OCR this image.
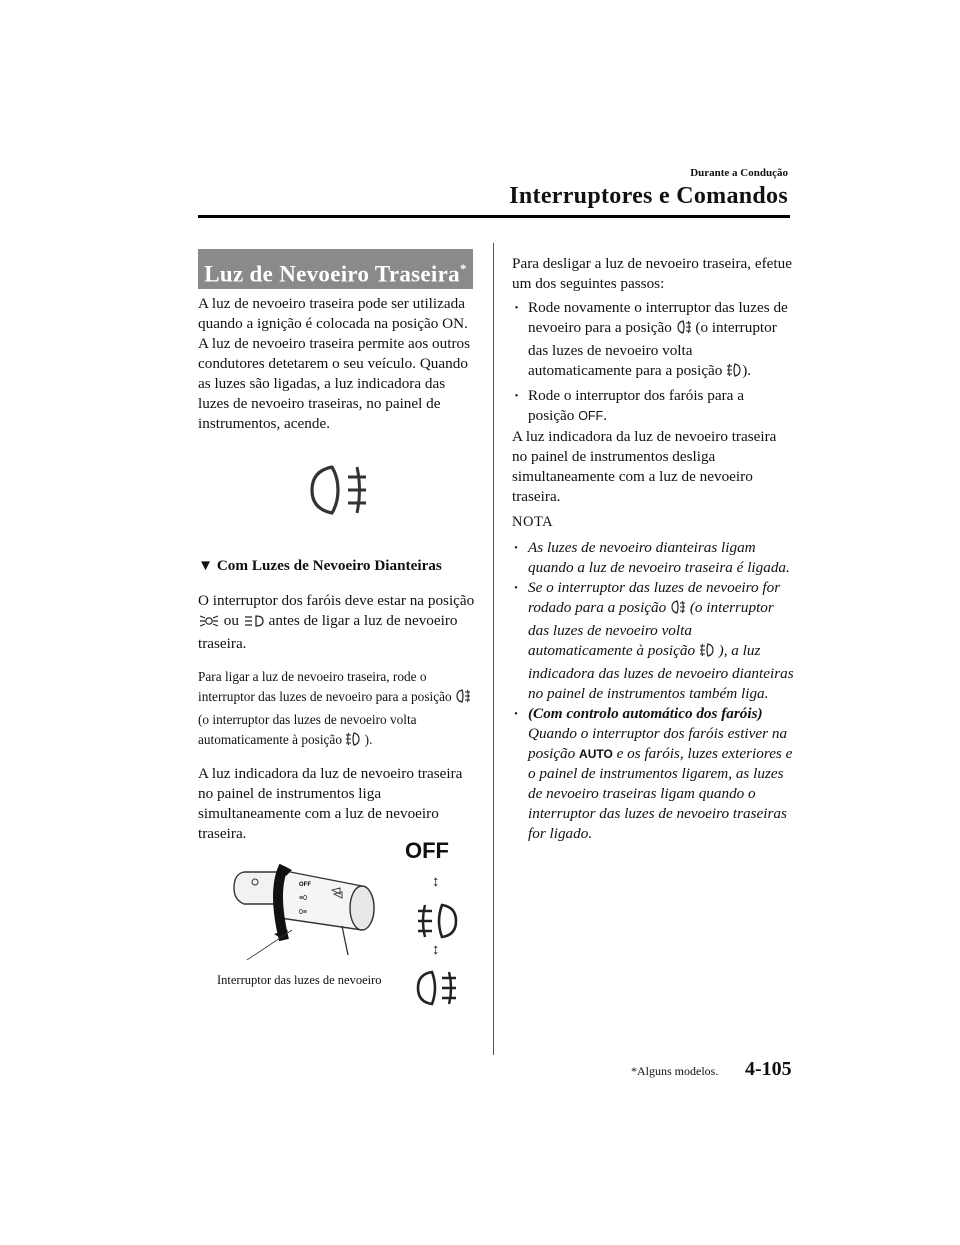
Durante a Condução
Interruptores e Comandos
Luz de Nevoeiro Traseira*
A luz de nevoeiro traseira pode ser utilizada quando a ignição é colocada na posição ON.
A luz de nevoeiro traseira permite aos outros condutores detetarem o seu veículo. Quando as luzes são ligadas, a luz indicadora das luzes de nevoeiro traseiras, no painel de instrumentos, acende.
▼ Com Luzes de Nevoeiro Dianteiras
O interruptor dos faróis deve estar na posição  ou antes de ligar a luz de nevoeiro traseira.
Para ligar a luz de nevoeiro traseira, rode o interruptor das luzes de nevoeiro para a posição  (o interruptor das luzes de nevoeiro volta automaticamente à posição ).
A luz indicadora da luz de nevoeiro traseira no painel de instrumentos liga simultaneamente com a luz de nevoeiro traseira.
OFF
≡0
0≡
Interruptor das luzes de nevoeiro
OFF
↕
↕
Para desligar a luz de nevoeiro traseira, efetue um dos seguintes passos:
· Rode novamente o interruptor das luzes de nevoeiro para a posição (o interruptor das luzes de nevoeiro volta automaticamente para a posição ).
· Rode o interruptor dos faróis para a posição OFF.
A luz indicadora da luz de nevoeiro traseira no painel de instrumentos desliga simultaneamente com a luz de nevoeiro traseira.
NOTA
· As luzes de nevoeiro dianteiras ligam quando a luz de nevoeiro traseira é ligada.
· Se o interruptor das luzes de nevoeiro for rodado para a posição (o interruptor das luzes de nevoeiro volta automaticamente à posição ), a luz indicadora das luzes de nevoeiro dianteiras no painel de instrumentos também liga.
· (Com controlo automático dos faróis)
Quando o interruptor dos faróis estiver na posição AUTO e os faróis, luzes exteriores e o painel de instrumentos ligarem, as luzes de nevoeiro traseiras ligam quando o interruptor das luzes de nevoeiro traseiras for ligado.
*Alguns modelos. 4-105
